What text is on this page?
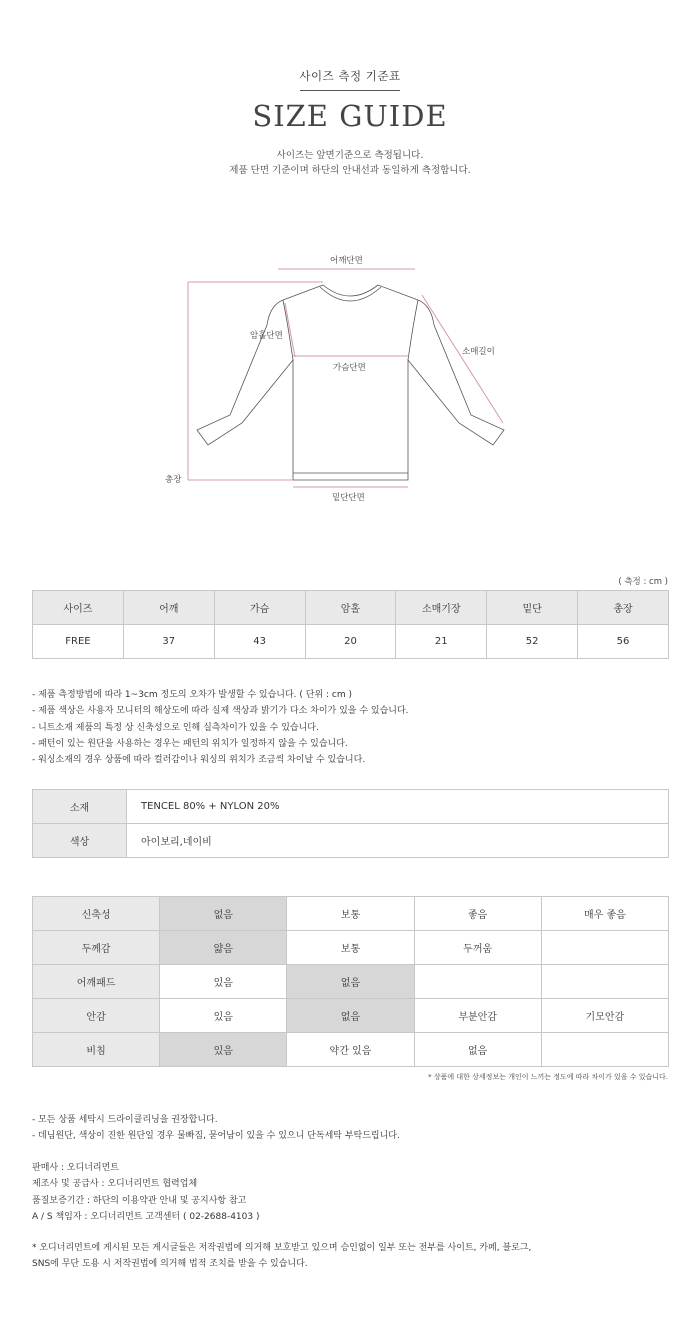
사이즈 측정 기준표
SIZE GUIDE
사이즈는 앞면기준으로 측정됩니다.
제품 단면 기준이며 하단의 안내선과 동일하게 측정합니다.
어깨단면
암홀단면
소매길이
가슴단면
총장
밑단단면
( 측정 : cm )
사이즈	어깨	가슴	암홀	소매기장	밑단	총장
FREE	37	43	20	21	52	56
- 제품 측정방법에 따라 1~3cm 정도의 오차가 발생할 수 있습니다. ( 단위 : cm )
- 제품 색상은 사용자 모니터의 해상도에 따라 실제 색상과 밝기가 다소 차이가 있을 수 있습니다.
- 니트소재 제품의 특정 상 신축성으로 인해 실측차이가 있을 수 있습니다.
- 패턴이 있는 원단을 사용하는 경우는 패턴의 위치가 일정하지 않을 수 있습니다.
- 워싱소재의 경우 상품에 따라 컬러감이나 워싱의 위치가 조금씩 차이날 수 있습니다.
소재	TENCEL 80% + NYLON 20%
색상	아이보리,네이비
신축성	없음	보통	좋음	매우 좋음
두께감	얇음	보통	두꺼움	
어깨패드	있음	없음		
안감	있음	없음	부분안감	기모안감
비침	있음	약간 있음	없음	
* 상품에 대한 상세정보는 개인이 느끼는 정도에 따라 차이가 있을 수 있습니다.
- 모든 상품 세탁시 드라이클리닝을 권장합니다.
- 데님원단, 색상이 진한 원단일 경우 물빠짐, 묻어남이 있을 수 있으니 단독세탁 부탁드립니다.
판매사 : 오디너리먼트
제조사 및 공급사 : 오디너리먼트 협력업체
품질보증기간 : 하단의 이용약관 안내 및 공지사항 참고
A / S 책임자 : 오디너리먼트 고객센터 ( 02-2688-4103 )
* 오디너리먼트에 게시된 모든 게시글들은 저작권법에 의거해 보호받고 있으며 승인없이 일부 또는 전부를 사이트, 카페, 블로그,
SNS에 무단 도용 시 저작권법에 의거해 법적 조치를 받을 수 있습니다.
